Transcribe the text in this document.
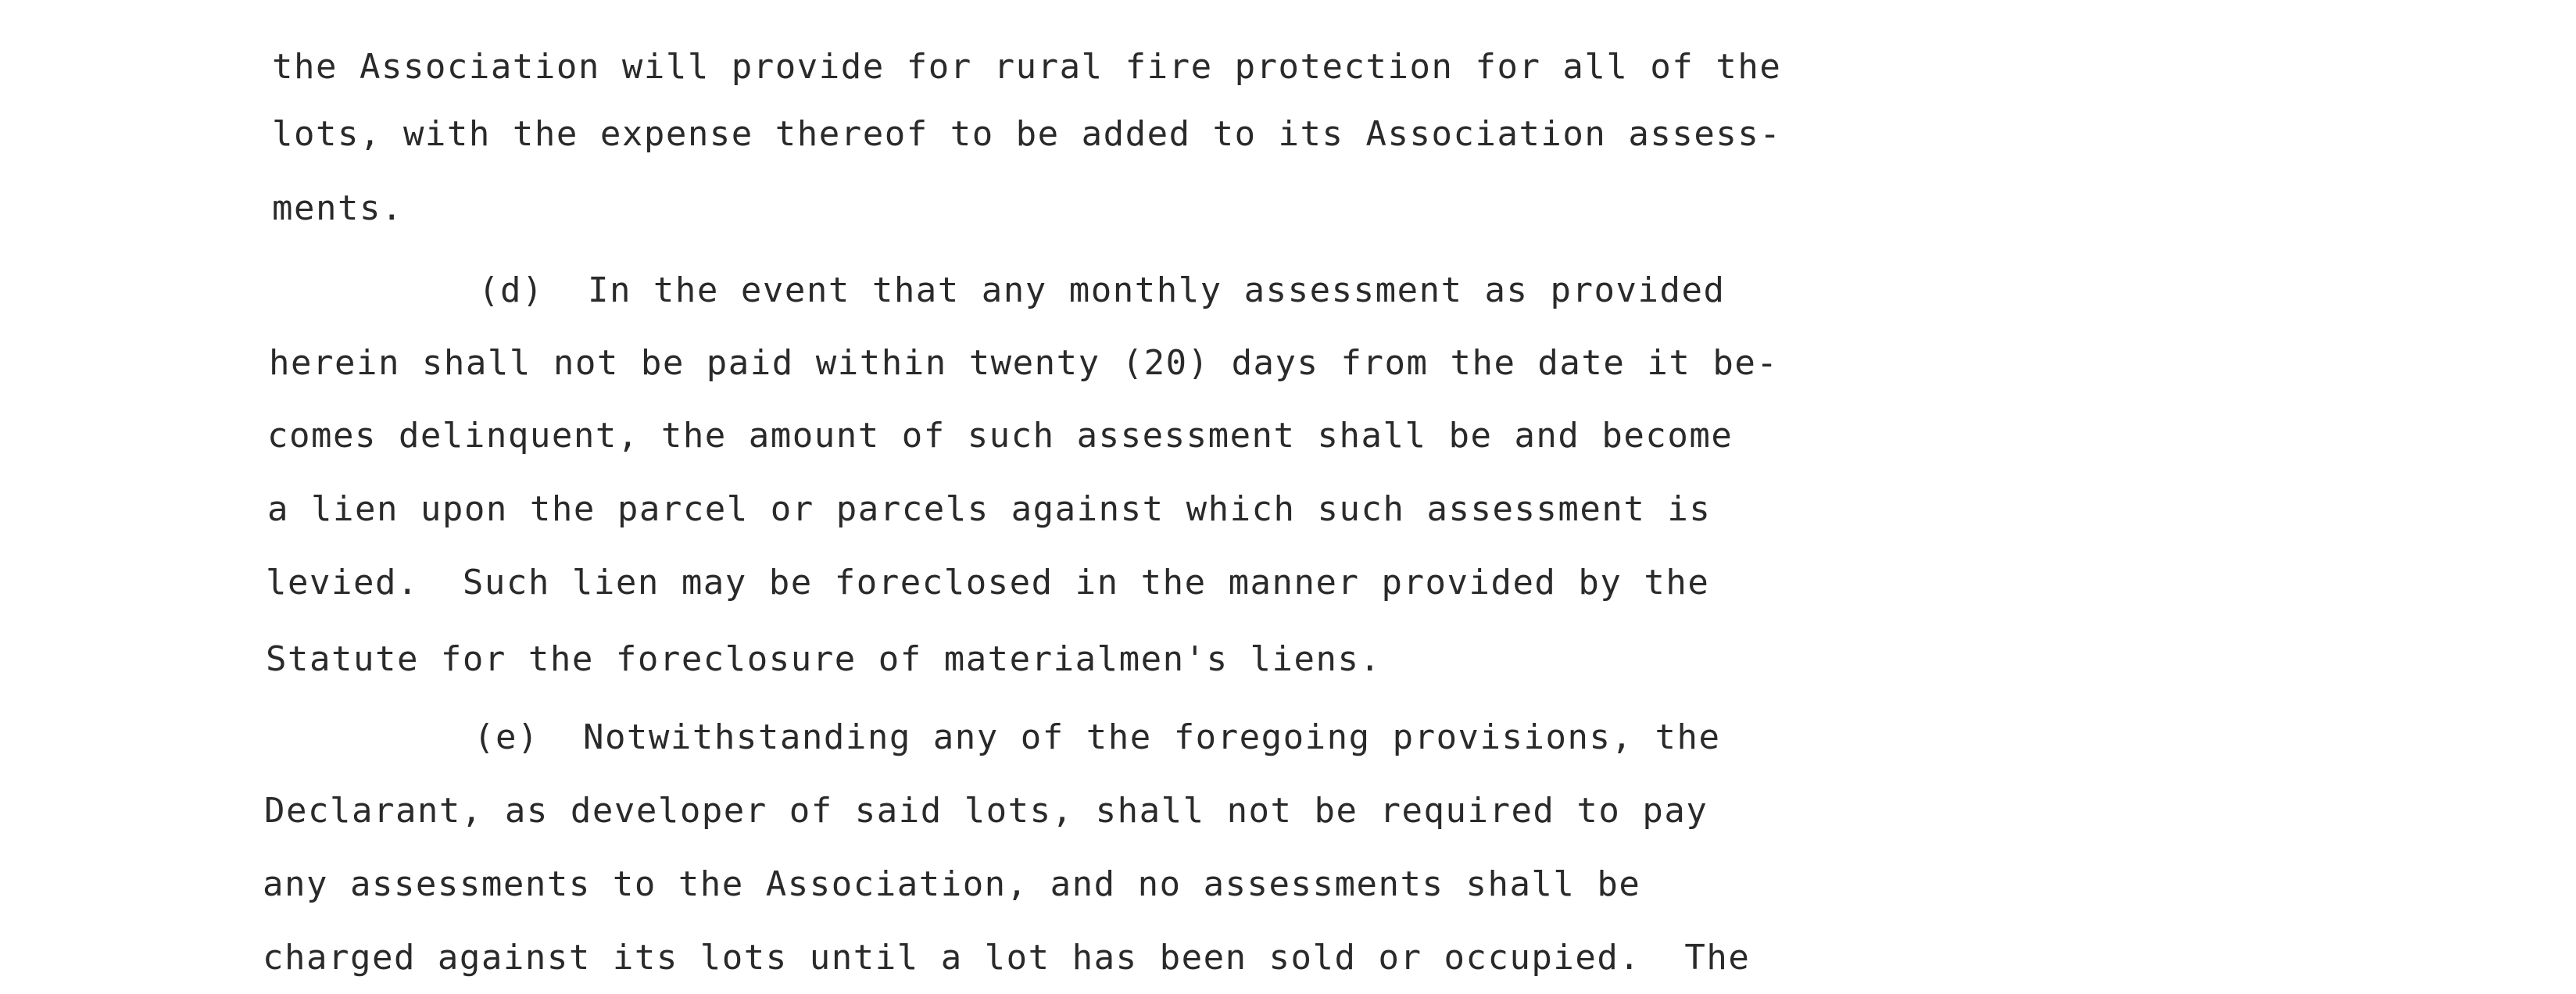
the Association will provide for rural fire protection for all of the
lots, with the expense thereof to be added to its Association assess-
ments.
(d)  In the event that any monthly assessment as provided
herein shall not be paid within twenty (20) days from the date it be-
comes delinquent, the amount of such assessment shall be and become
a lien upon the parcel or parcels against which such assessment is
levied.  Such lien may be foreclosed in the manner provided by the
Statute for the foreclosure of materialmen's liens.
(e)  Notwithstanding any of the foregoing provisions, the
Declarant, as developer of said lots, shall not be required to pay
any assessments to the Association, and no assessments shall be
charged against its lots until a lot has been sold or occupied.  The
